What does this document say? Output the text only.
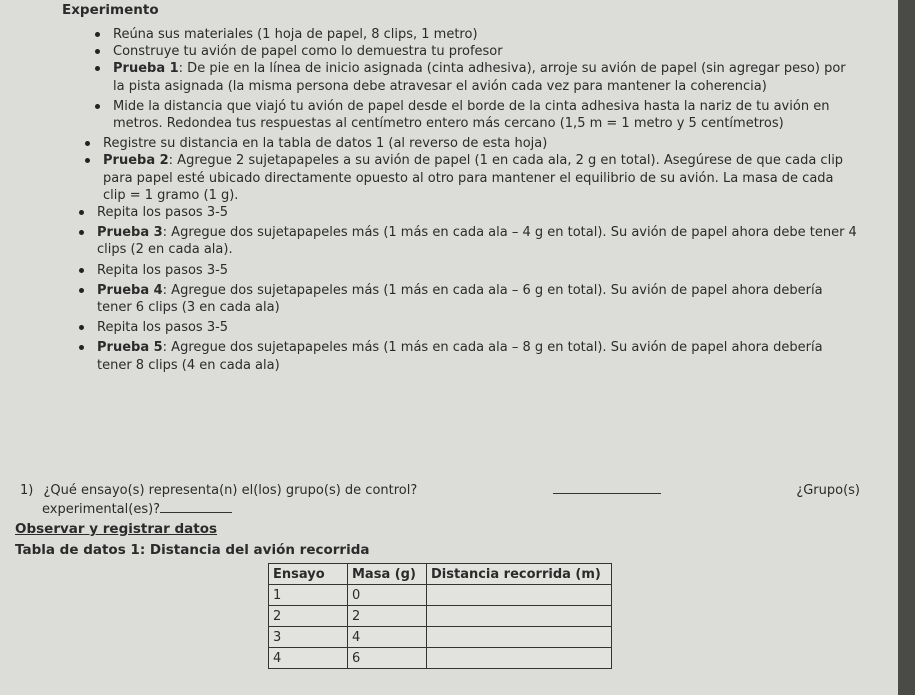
Experimento
Reúna sus materiales (1 hoja de papel, 8 clips, 1 metro)
Construye tu avión de papel como lo demuestra tu profesor
Prueba 1: De pie en la línea de inicio asignada (cinta adhesiva), arroje su avión de papel (sin agregar peso) por la pista asignada (la misma persona debe atravesar el avión cada vez para mantener la coherencia)
Mide la distancia que viajó tu avión de papel desde el borde de la cinta adhesiva hasta la nariz de tu avión en metros. Redondea tus respuestas al centímetro entero más cercano (1,5 m = 1 metro y 5 centímetros)
Registre su distancia en la tabla de datos 1 (al reverso de esta hoja)
Prueba 2: Agregue 2 sujetapapeles a su avión de papel (1 en cada ala, 2 g en total). Asegúrese de que cada clip para papel esté ubicado directamente opuesto al otro para mantener el equilibrio de su avión. La masa de cada clip = 1 gramo (1 g).
Repita los pasos 3-5
Prueba 3: Agregue dos sujetapapeles más (1 más en cada ala – 4 g en total). Su avión de papel ahora debe tener 4 clips (2 en cada ala).
Repita los pasos 3-5
Prueba 4: Agregue dos sujetapapeles más (1 más en cada ala – 6 g en total). Su avión de papel ahora debería tener 6 clips (3 en cada ala)
Repita los pasos 3-5
Prueba 5: Agregue dos sujetapapeles más (1 más en cada ala – 8 g en total). Su avión de papel ahora debería tener 8 clips (4 en cada ala)
1) ¿Qué ensayo(s) representa(n) el(los) grupo(s) de control?	¿Grupo(s)
experimental(es)?
Observar y registrar datos
Tabla de datos 1: Distancia del avión recorrida
Ensayo	Masa (g)	Distancia recorrida (m)
1	0	
2	2	
3	4	
4	6	
